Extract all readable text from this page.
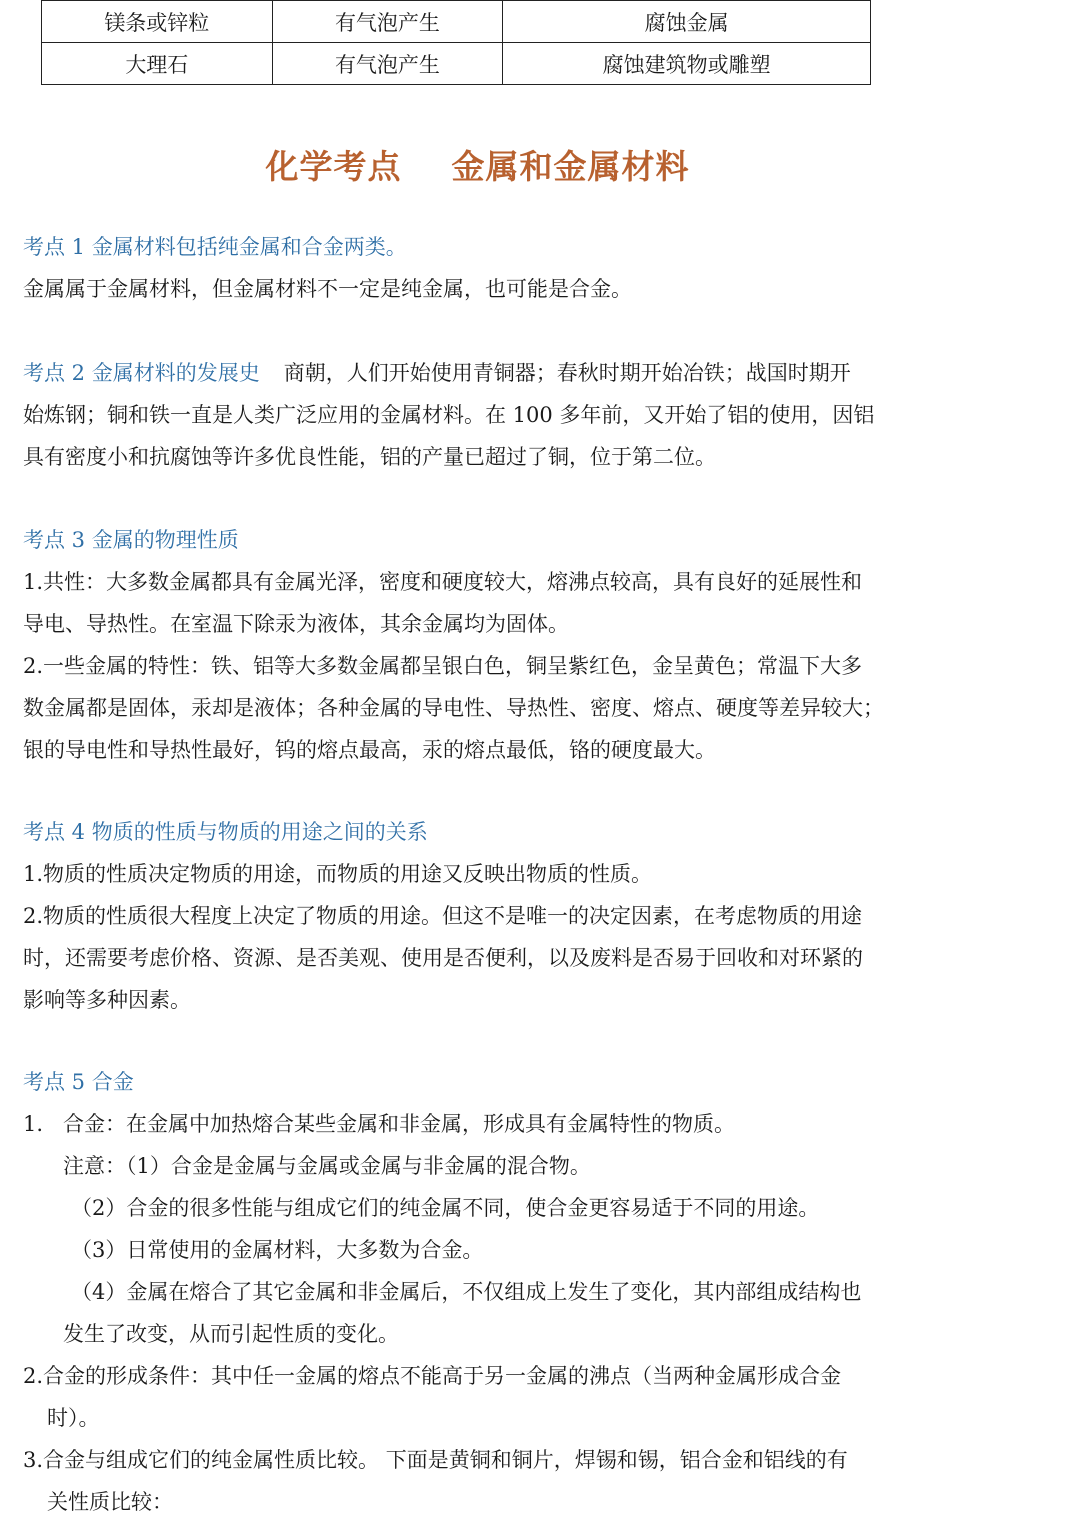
镁条或锌粒	有气泡产生	腐蚀金属
大理石	有气泡产生	腐蚀建筑物或雕塑
化学考点    金属和金属材料

考点 1 金属材料包括纯金属和合金两类。

金属属于金属材料，但金属材料不一定是纯金属，也可能是合金。

考点 2 金属材料的发展史 商朝，人们开始使用青铜器；春秋时期开始冶铁；战国时期开

始炼钢；铜和铁一直是人类广泛应用的金属材料。在 100 多年前，又开始了铝的使用，因铝

具有密度小和抗腐蚀等许多优良性能，铝的产量已超过了铜，位于第二位。

考点 3 金属的物理性质

1.共性：大多数金属都具有金属光泽，密度和硬度较大，熔沸点较高，具有良好的延展性和

导电、导热性。在室温下除汞为液体，其余金属均为固体。

2.一些金属的特性：铁、铝等大多数金属都呈银白色，铜呈紫红色，金呈黄色；常温下大多

数金属都是固体，汞却是液体；各种金属的导电性、导热性、密度、熔点、硬度等差异较大；

银的导电性和导热性最好，钨的熔点最高，汞的熔点最低，铬的硬度最大。

考点 4 物质的性质与物质的用途之间的关系

1.物质的性质决定物质的用途，而物质的用途又反映出物质的性质。

2.物质的性质很大程度上决定了物质的用途。但这不是唯一的决定因素，在考虑物质的用途

时，还需要考虑价格、资源、是否美观、使用是否便利，以及废料是否易于回收和对环紧的

影响等多种因素。

考点 5 合金

1. 合金：在金属中加热熔合某些金属和非金属，形成具有金属特性的物质。

注意：（1）合金是金属与金属或金属与非金属的混合物。

（2）合金的很多性能与组成它们的纯金属不同，使合金更容易适于不同的用途。

（3）日常使用的金属材料，大多数为合金。

（4）金属在熔合了其它金属和非金属后，不仅组成上发生了变化，其内部组成结构也

发生了改变，从而引起性质的变化。

2.合金的形成条件：其中任一金属的熔点不能高于另一金属的沸点（当两种金属形成合金

时）。

3.合金与组成它们的纯金属性质比较。 下面是黄铜和铜片，焊锡和锡，铝合金和铝线的有

关性质比较：
